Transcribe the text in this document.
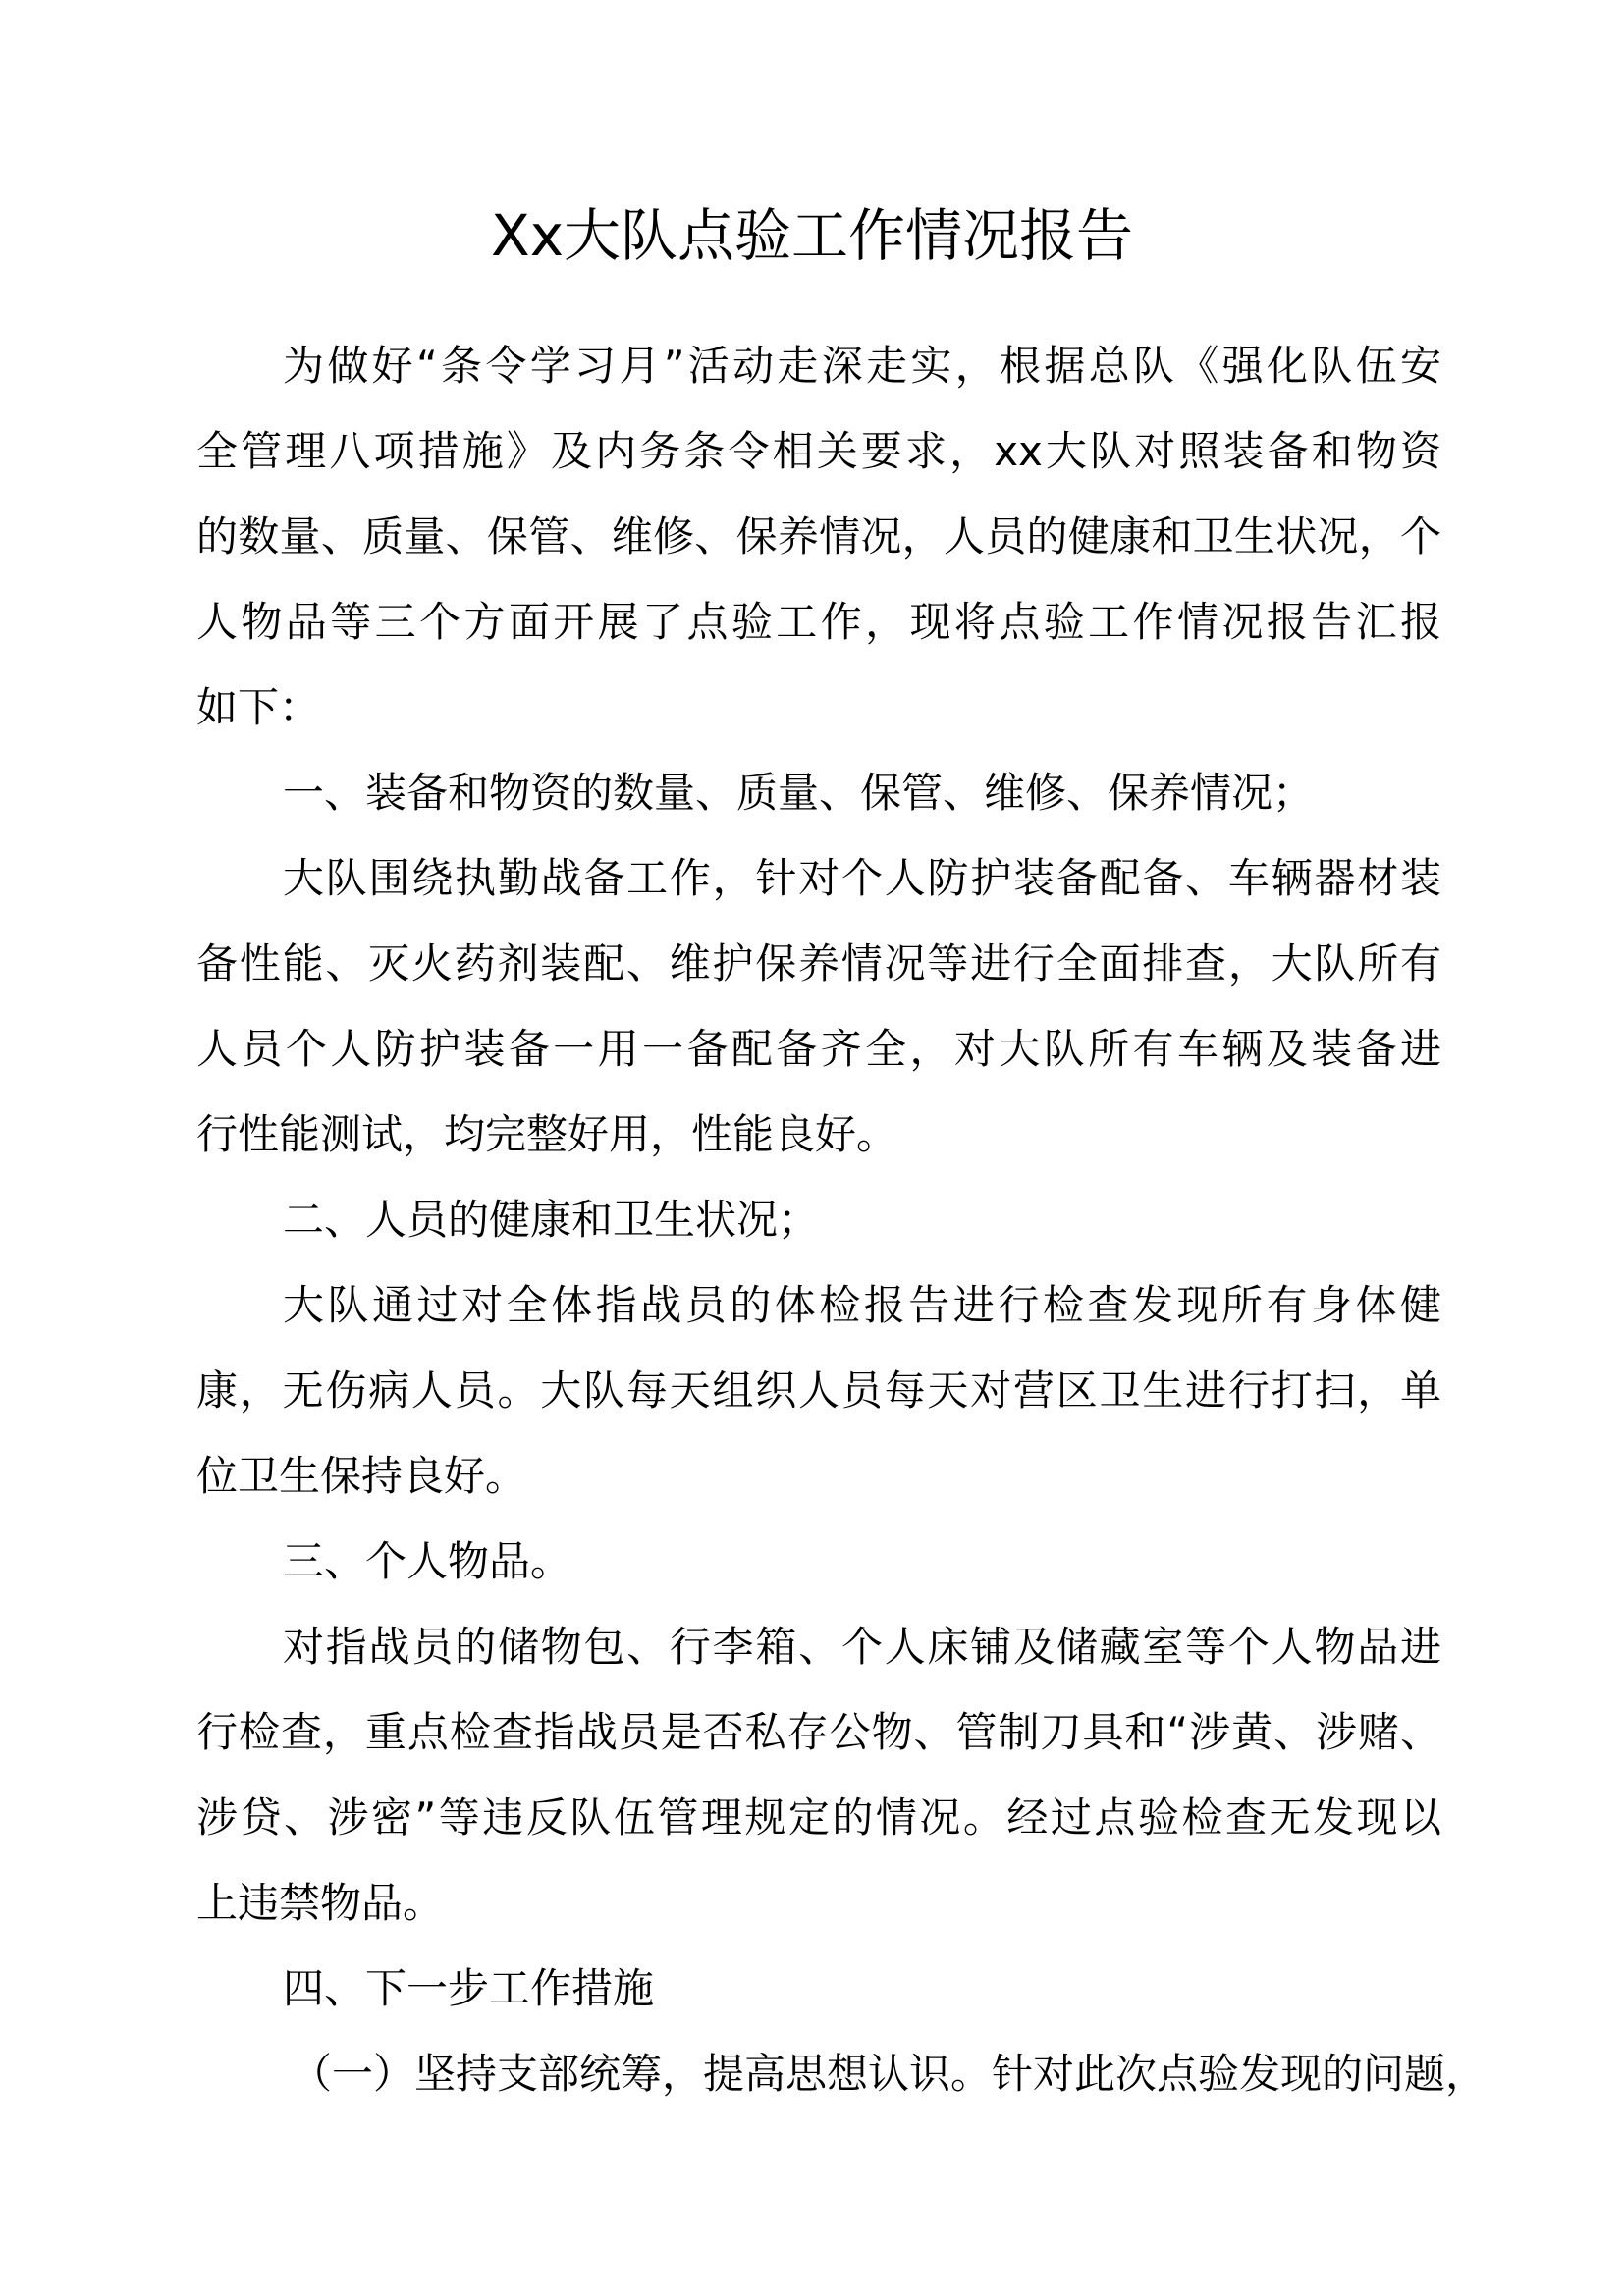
Xx大队点验工作情况报告
为做好“条令学习月”活动走深走实，根据总队《强化队伍安
全管理八项措施》及内务条令相关要求，xx大队对照装备和物资
的数量、质量、保管、维修、保养情况，人员的健康和卫生状况，个
人物品等三个方面开展了点验工作，现将点验工作情况报告汇报
如下：
一、装备和物资的数量、质量、保管、维修、保养情况；
大队围绕执勤战备工作，针对个人防护装备配备、车辆器材装
备性能、灭火药剂装配、维护保养情况等进行全面排查，大队所有
人员个人防护装备一用一备配备齐全，对大队所有车辆及装备进
行性能测试，均完整好用，性能良好。
二、人员的健康和卫生状况；
大队通过对全体指战员的体检报告进行检查发现所有身体健
康，无伤病人员。大队每天组织人员每天对营区卫生进行打扫，单
位卫生保持良好。
三、个人物品。
对指战员的储物包、行李箱、个人床铺及储藏室等个人物品进
行检查，重点检查指战员是否私存公物、管制刀具和“涉黄、涉赌、
涉贷、涉密”等违反队伍管理规定的情况。经过点验检查无发现以
上违禁物品。
四、下一步工作措施
（一）坚持支部统筹，提高思想认识。针对此次点验发现的问题，
